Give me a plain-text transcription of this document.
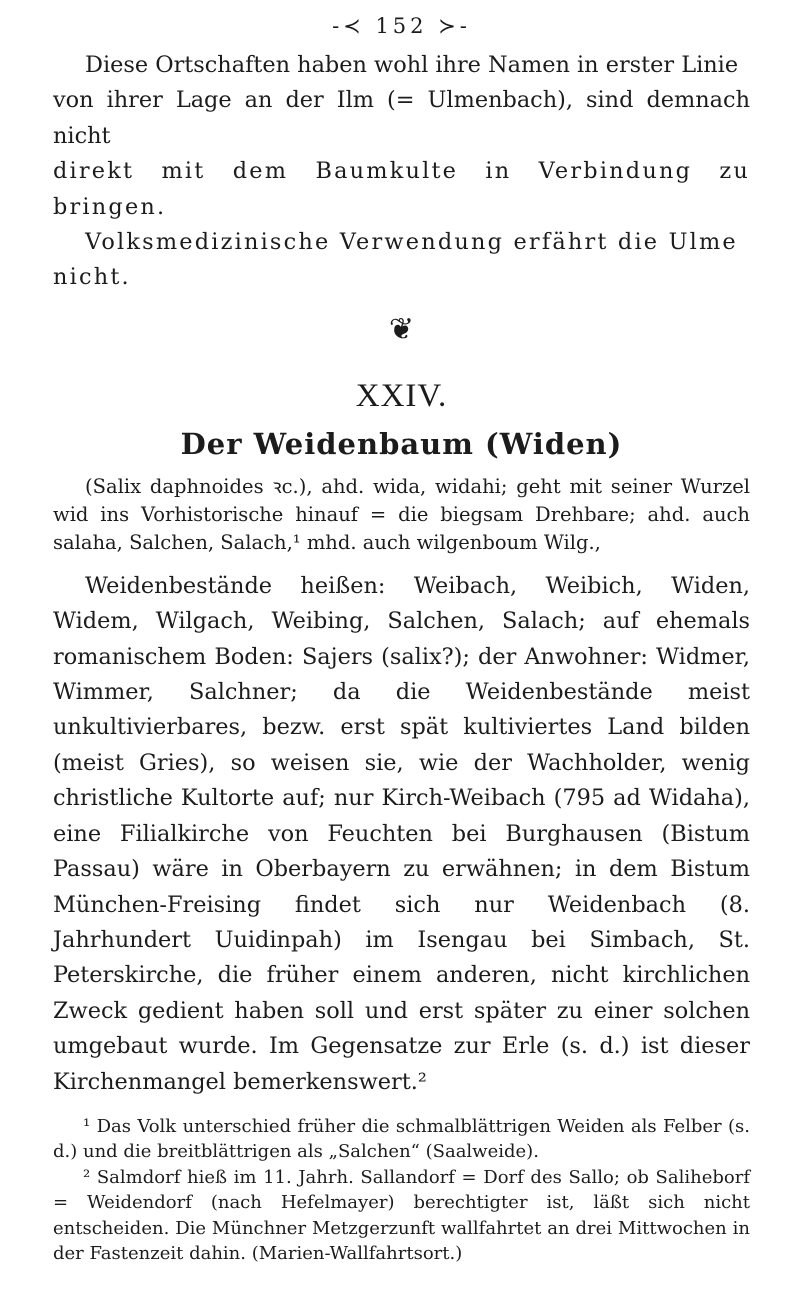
-≺ 152 ≻-

Diese Ortschaften haben wohl ihre Namen in erster Linie

von ihrer Lage an der Ilm (= Ulmenbach), sind demnach nicht

direkt mit dem Baumkulte in Verbindung zu bringen.

Volksmedizinische Verwendung erfährt die Ulme

nicht.

❦
XXIV.
Der Weidenbaum (Widen)

(Salix daphnoides ꝛc.), ahd. wida, widahi; geht mit seiner Wurzel wid ins Vorhistorische hinauf = die biegsam Drehbare; ahd. auch salaha, Salchen, Salach,¹ mhd. auch wilgenboum Wilg.,

Weidenbestände heißen: Weibach, Weibich, Widen, Widem, Wilgach, Weibing, Salchen, Salach; auf ehemals romanischem Boden: Sajers (salix?); der Anwohner: Widmer, Wimmer, Salchner; da die Weidenbestände meist unkultivierbares, bezw. erst spät kultiviertes Land bilden (meist Gries), so weisen sie, wie der Wachholder, wenig christliche Kultorte auf; nur Kirch-Weibach (795 ad Widaha), eine Filialkirche von Feuchten bei Burghausen (Bistum Passau) wäre in Oberbayern zu erwähnen; in dem Bistum München-Freising findet sich nur Weidenbach (8. Jahrhundert Uuidinpah) im Isengau bei Simbach, St. Peterskirche, die früher einem anderen, nicht kirchlichen Zweck gedient haben soll und erst später zu einer solchen umgebaut wurde. Im Gegensatze zur Erle (s. d.) ist dieser Kirchenmangel bemerkenswert.²

¹ Das Volk unterschied früher die schmalblättrigen Weiden als Felber (s. d.) und die breitblättrigen als „Salchen“ (Saalweide).

² Salmdorf hieß im 11. Jahrh. Sallandorf = Dorf des Sallo; ob Saliheborf = Weidendorf (nach Hefelmayer) berechtigter ist, läßt sich nicht entscheiden. Die Münchner Metzgerzunft wallfahrtet an drei Mittwochen in der Fastenzeit dahin. (Marien-Wallfahrtsort.)
